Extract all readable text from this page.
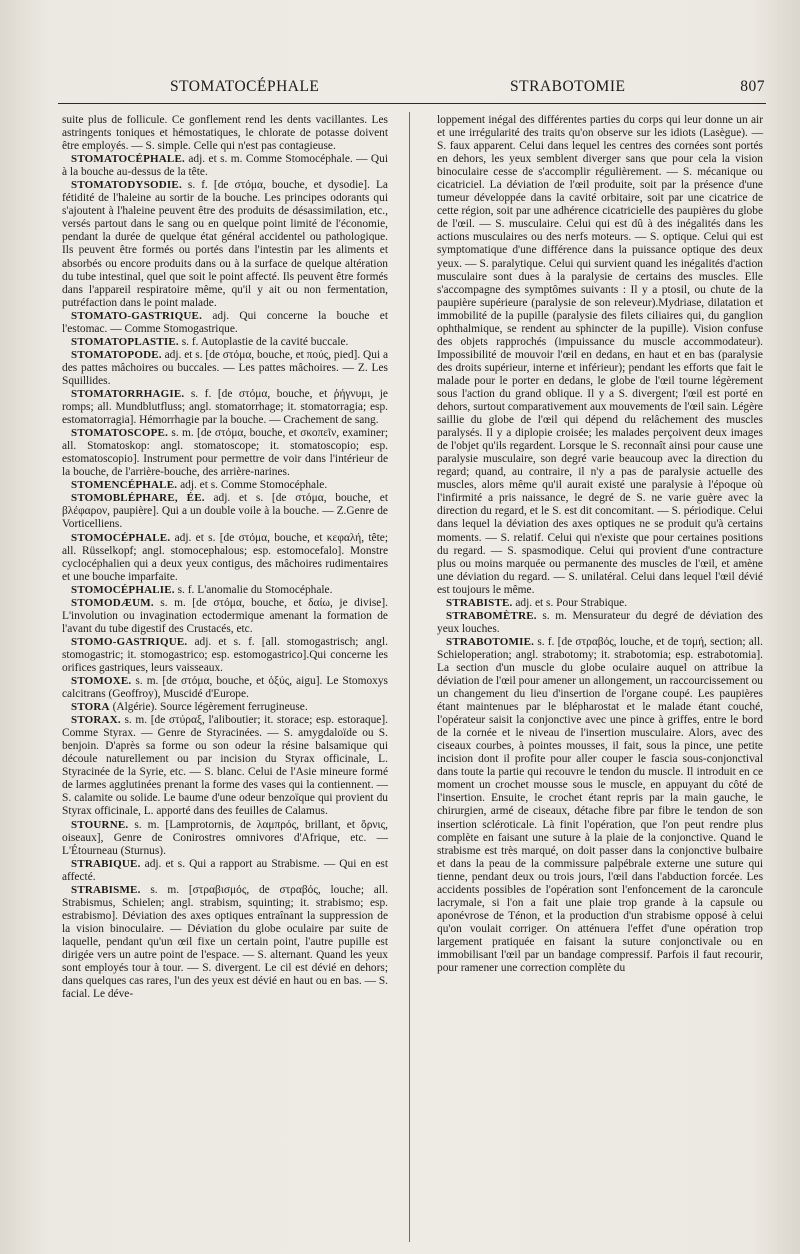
STOMATOCÉPHALE	STRABOTOMIE	807

suite plus de follicule. Ce gonflement rend les dents vacillantes. Les astringents toniques et hémostatiques, le chlorate de potasse doivent être employés. — S. simple. Celle qui n'est pas contagieuse.

STOMATOCÉPHALE. adj. et s. m. Comme Stomocéphale. — Qui à la bouche au-dessus de la tête.

STOMATODYSODIE. s. f. [de στόμα, bouche, et dysodie]. La fétidité de l'haleine au sortir de la bouche. Les principes odorants qui s'ajoutent à l'haleine peuvent être des produits de désassimilation, etc., versés partout dans le sang ou en quelque point limité de l'économie, pendant la durée de quelque état général accidentel ou pathologique. Ils peuvent être formés ou portés dans l'intestin par les aliments et absorbés ou encore produits dans ou à la surface de quelque altération du tube intestinal, quel que soit le point affecté. Ils peuvent être formés dans l'appareil respiratoire même, qu'il y ait ou non fermentation, putréfaction dans le point malade.

STOMATO-GASTRIQUE. adj. Qui concerne la bouche et l'estomac. — Comme Stomogastrique.

STOMATOPLASTIE. s. f. Autoplastie de la cavité buccale.

STOMATOPODE. adj. et s. [de στόμα, bouche, et πούς, pied]. Qui a des pattes mâchoires ou buccales. — Les pattes mâchoires. — Z. Les Squillides.

STOMATORRHAGIE. s. f. [de στόμα, bouche, et ῥήγνυμι, je romps; all. Mundblutfluss; angl. stomatorrhage; it. stomatorragia; esp. estomatorragia]. Hémorrhagie par la bouche. — Crachement de sang.

STOMATOSCOPE. s. m. [de στόμα, bouche, et σκοπεῖν, examiner; all. Stomatoskop: angl. stomatoscope; it. stomatoscopio; esp. estomatoscopio]. Instrument pour permettre de voir dans l'intérieur de la bouche, de l'arrière-bouche, des arrière-narines.

STOMENCÉPHALE. adj. et s. Comme Stomocéphale.

STOMOBLÉPHARE, ÉE. adj. et s. [de στόμα, bouche, et βλέφαρον, paupière]. Qui a un double voile à la bouche. — Z.Genre de Vorticelliens.

STOMOCÉPHALE. adj. et s. [de στόμα, bouche, et κεφαλή, tête; all. Rüsselkopf; angl. stomocephalous; esp. estomocefalo]. Monstre cyclocéphalien qui a deux yeux contigus, des mâchoires rudimentaires et une bouche imparfaite.

STOMOCÉPHALIE. s. f. L'anomalie du Stomocéphale.

STOMODÆUM. s. m. [de στόμα, bouche, et δαίω, je divise]. L'involution ou invagination ectodermique amenant la formation de l'avant du tube digestif des Crustacés, etc.

STOMO-GASTRIQUE. adj. et s. f. [all. stomogastrisch; angl. stomogastric; it. stomogastrico; esp. estomogastrico].Qui concerne les orifices gastriques, leurs vaisseaux.

STOMOXE. s. m. [de στόμα, bouche, et ὀξύς, aigu]. Le Stomoxys calcitrans (Geoffroy), Muscidé d'Europe.

STORA (Algérie). Source légèrement ferrugineuse.

STORAX. s. m. [de στύραξ, l'aliboutier; it. storace; esp. estoraque]. Comme Styrax. — Genre de Styracinées. — S. amygdaloïde ou S. benjoin. D'après sa forme ou son odeur la résine balsamique qui découle naturellement ou par incision du Styrax officinale, L. Styracinée de la Syrie, etc. — S. blanc. Celui de l'Asie mineure formé de larmes agglutinées prenant la forme des vases qui la contiennent. — S. calamite ou solide. Le baume d'une odeur benzoïque qui provient du Styrax officinale, L. apporté dans des feuilles de Calamus.

STOURNE. s. m. [Lamprotornis, de λαμπρός, brillant, et ὄρνις, oiseaux], Genre de Conirostres omnivores d'Afrique, etc. — L'Étourneau (Sturnus).

STRABIQUE. adj. et s. Qui a rapport au Strabisme. — Qui en est affecté.

STRABISME. s. m. [στραβισμός, de στραβός, louche; all. Strabismus, Schielen; angl. strabism, squinting; it. strabismo; esp. estrabismo]. Déviation des axes optiques entraînant la suppression de la vision binoculaire. — Déviation du globe oculaire par suite de laquelle, pendant qu'un œil fixe un certain point, l'autre pupille est dirigée vers un autre point de l'espace. — S. alternant. Quand les yeux sont employés tour à tour. — S. divergent. Le cil est dévié en dehors; dans quelques cas rares, l'un des yeux est dévié en haut ou en bas. — S. facial. Le déve-

loppement inégal des différentes parties du corps qui leur donne un air et une irrégularité des traits qu'on observe sur les idiots (Lasègue). — S. faux apparent. Celui dans lequel les centres des cornées sont portés en dehors, les yeux semblent diverger sans que pour cela la vision binoculaire cesse de s'accomplir régulièrement. — S. mécanique ou cicatriciel. La déviation de l'œil produite, soit par la présence d'une tumeur développée dans la cavité orbitaire, soit par une cicatrice de cette région, soit par une adhérence cicatricielle des paupières du globe de l'œil. — S. musculaire. Celui qui est dû à des inégalités dans les actions musculaires ou des nerfs moteurs. — S. optique. Celui qui est symptomatique d'une différence dans la puissance optique des deux yeux. — S. paralytique. Celui qui survient quand les inégalités d'action musculaire sont dues à la paralysie de certains des muscles. Elle s'accompagne des symptômes suivants : Il y a ptosil, ou chute de la paupière supérieure (paralysie de son releveur).Mydriase, dilatation et immobilité de la pupille (paralysie des filets ciliaires qui, du ganglion ophthalmique, se rendent au sphincter de la pupille). Vision confuse des objets rapprochés (impuissance du muscle accommodateur). Impossibilité de mouvoir l'œil en dedans, en haut et en bas (paralysie des droits supérieur, interne et inférieur); pendant les efforts que fait le malade pour le porter en dedans, le globe de l'œil tourne légèrement sous l'action du grand oblique. Il y a S. divergent; l'œil est porté en dehors, surtout comparativement aux mouvements de l'œil sain. Légère saillie du globe de l'œil qui dépend du relâchement des muscles paralysés. Il y a diplopie croisée; les malades perçoivent deux images de l'objet qu'ils regardent. Lorsque le S. reconnaît ainsi pour cause une paralysie musculaire, son degré varie beaucoup avec la direction du regard; quand, au contraire, il n'y a pas de paralysie actuelle des muscles, alors même qu'il aurait existé une paralysie à l'époque où l'infirmité a pris naissance, le degré de S. ne varie guère avec la direction du regard, et le S. est dit concomitant. — S. périodique. Celui dans lequel la déviation des axes optiques ne se produit qu'à certains moments. — S. relatif. Celui qui n'existe que pour certaines positions du regard. — S. spasmodique. Celui qui provient d'une contracture plus ou moins marquée ou permanente des muscles de l'œil, et amène une déviation du regard. — S. unilatéral. Celui dans lequel l'œil dévié est toujours le même.

STRABISTE. adj. et s. Pour Strabique.

STRABOMÈTRE. s. m. Mensurateur du degré de déviation des yeux louches.

STRABOTOMIE. s. f. [de στραβός, louche, et de τομή, section; all. Schieloperation; angl. strabotomy; it. strabotomia; esp. estrabotomia]. La section d'un muscle du globe oculaire auquel on attribue la déviation de l'œil pour amener un allongement, un raccourcissement ou un changement du lieu d'insertion de l'organe coupé. Les paupières étant maintenues par le blépharostat et le malade étant couché, l'opérateur saisit la conjonctive avec une pince à griffes, entre le bord de la cornée et le niveau de l'insertion musculaire. Alors, avec des ciseaux courbes, à pointes mousses, il fait, sous la pince, une petite incision dont il profite pour aller couper le fascia sous-conjonctival dans toute la partie qui recouvre le tendon du muscle. Il introduit en ce moment un crochet mousse sous le muscle, en appuyant du côté de l'insertion. Ensuite, le crochet étant repris par la main gauche, le chirurgien, armé de ciseaux, détache fibre par fibre le tendon de son insertion scléroticale. Là finit l'opération, que l'on peut rendre plus complète en faisant une suture à la plaie de la conjonctive. Quand le strabisme est très marqué, on doit passer dans la conjonctive bulbaire et dans la peau de la commissure palpébrale externe une suture qui tienne, pendant deux ou trois jours, l'œil dans l'abduction forcée. Les accidents possibles de l'opération sont l'enfoncement de la caroncule lacrymale, si l'on a fait une plaie trop grande à la capsule ou aponévrose de Ténon, et la production d'un strabisme opposé à celui qu'on voulait corriger. On atténuera l'effet d'une opération trop largement pratiquée en faisant la suture conjonctivale ou en immobilisant l'œil par un bandage compressif. Parfois il faut recourir, pour ramener une correction complète du
